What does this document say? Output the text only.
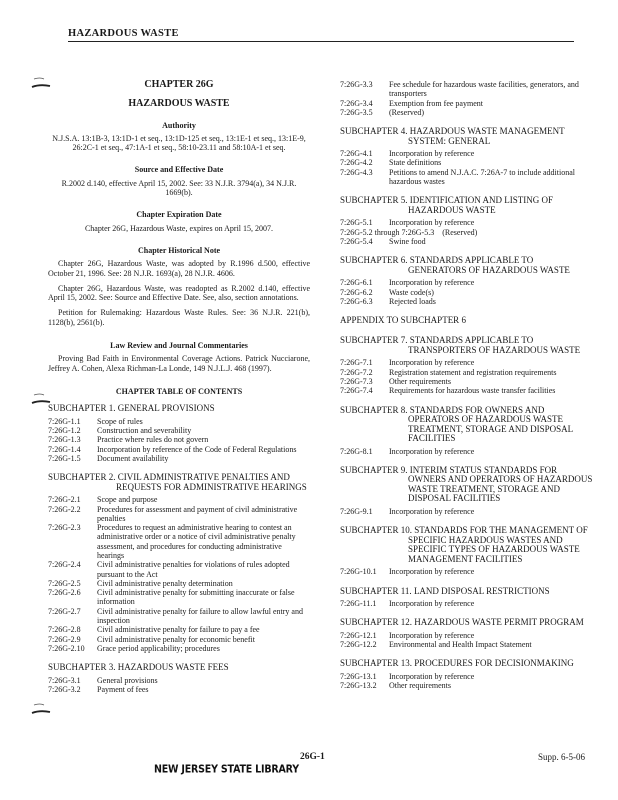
HAZARDOUS WASTE
CHAPTER 26G
HAZARDOUS WASTE
Authority
N.J.S.A. 13:1B-3, 13:1D-1 et seq., 13:1D-125 et seq., 13:1E-1 et seq., 13:1E-9, 26:2C-1 et seq., 47:1A-1 et seq., 58:10-23.11 and 58:10A-1 et seq.
Source and Effective Date
R.2002 d.140, effective April 15, 2002. See: 33 N.J.R. 3794(a), 34 N.J.R. 1669(b).
Chapter Expiration Date
Chapter 26G, Hazardous Waste, expires on April 15, 2007.
Chapter Historical Note
Chapter 26G, Hazardous Waste, was adopted by R.1996 d.500, effective October 21, 1996. See: 28 N.J.R. 1693(a), 28 N.J.R. 4606.
Chapter 26G, Hazardous Waste, was readopted as R.2002 d.140, effective April 15, 2002. See: Source and Effective Date. See, also, section annotations.
Petition for Rulemaking: Hazardous Waste Rules. See: 36 N.J.R. 221(b), 1128(b), 2561(b).
Law Review and Journal Commentaries
Proving Bad Faith in Environmental Coverage Actions. Patrick Nucciarone, Jeffrey A. Cohen, Alexa Richman-La Londe, 149 N.J.L.J. 468 (1997).
CHAPTER TABLE OF CONTENTS
SUBCHAPTER 1. GENERAL PROVISIONS
7:26G-1.1	Scope of rules
7:26G-1.2	Construction and severability
7:26G-1.3	Practice where rules do not govern
7:26G-1.4	Incorporation by reference of the Code of Federal Regulations
7:26G-1.5	Document availability
SUBCHAPTER 2. CIVIL ADMINISTRATIVE PENALTIES AND REQUESTS FOR ADMINISTRATIVE HEARINGS
7:26G-2.1	Scope and purpose
7:26G-2.2	Procedures for assessment and payment of civil administrative penalties
7:26G-2.3	Procedures to request an administrative hearing to contest an administrative order or a notice of civil administrative penalty assessment, and procedures for conducting administrative hearings
7:26G-2.4	Civil administrative penalties for violations of rules adopted pursuant to the Act
7:26G-2.5	Civil administrative penalty determination
7:26G-2.6	Civil administrative penalty for submitting inaccurate or false information
7:26G-2.7	Civil administrative penalty for failure to allow lawful entry and inspection
7:26G-2.8	Civil administrative penalty for failure to pay a fee
7:26G-2.9	Civil administrative penalty for economic benefit
7:26G-2.10	Grace period applicability; procedures
SUBCHAPTER 3. HAZARDOUS WASTE FEES
7:26G-3.1	General provisions
7:26G-3.2	Payment of fees
7:26G-3.3	Fee schedule for hazardous waste facilities, generators, and transporters
7:26G-3.4	Exemption from fee payment
7:26G-3.5	(Reserved)
SUBCHAPTER 4. HAZARDOUS WASTE MANAGEMENT SYSTEM: GENERAL
7:26G-4.1	Incorporation by reference
7:26G-4.2	State definitions
7:26G-4.3	Petitions to amend N.J.A.C. 7:26A-7 to include additional hazardous wastes
SUBCHAPTER 5. IDENTIFICATION AND LISTING OF HAZARDOUS WASTE
7:26G-5.1	Incorporation by reference
7:26G-5.2 through 7:26G-5.3 (Reserved)
7:26G-5.4	Swine food
SUBCHAPTER 6. STANDARDS APPLICABLE TO GENERATORS OF HAZARDOUS WASTE
7:26G-6.1	Incorporation by reference
7:26G-6.2	Waste code(s)
7:26G-6.3	Rejected loads
APPENDIX TO SUBCHAPTER 6
SUBCHAPTER 7. STANDARDS APPLICABLE TO TRANSPORTERS OF HAZARDOUS WASTE
7:26G-7.1	Incorporation by reference
7:26G-7.2	Registration statement and registration requirements
7:26G-7.3	Other requirements
7:26G-7.4	Requirements for hazardous waste transfer facilities
SUBCHAPTER 8. STANDARDS FOR OWNERS AND OPERATORS OF HAZARDOUS WASTE TREATMENT, STORAGE AND DISPOSAL FACILITIES
7:26G-8.1	Incorporation by reference
SUBCHAPTER 9. INTERIM STATUS STANDARDS FOR OWNERS AND OPERATORS OF HAZARDOUS WASTE TREATMENT, STORAGE AND DISPOSAL FACILITIES
7:26G-9.1	Incorporation by reference
SUBCHAPTER 10. STANDARDS FOR THE MANAGEMENT OF SPECIFIC HAZARDOUS WASTES AND SPECIFIC TYPES OF HAZARDOUS WASTE MANAGEMENT FACILITIES
7:26G-10.1	Incorporation by reference
SUBCHAPTER 11. LAND DISPOSAL RESTRICTIONS
7:26G-11.1	Incorporation by reference
SUBCHAPTER 12. HAZARDOUS WASTE PERMIT PROGRAM
7:26G-12.1	Incorporation by reference
7:26G-12.2	Environmental and Health Impact Statement
SUBCHAPTER 13. PROCEDURES FOR DECISIONMAKING
7:26G-13.1	Incorporation by reference
7:26G-13.2	Other requirements
26G-1	Supp. 6-5-06
NEW JERSEY STATE LIBRARY
